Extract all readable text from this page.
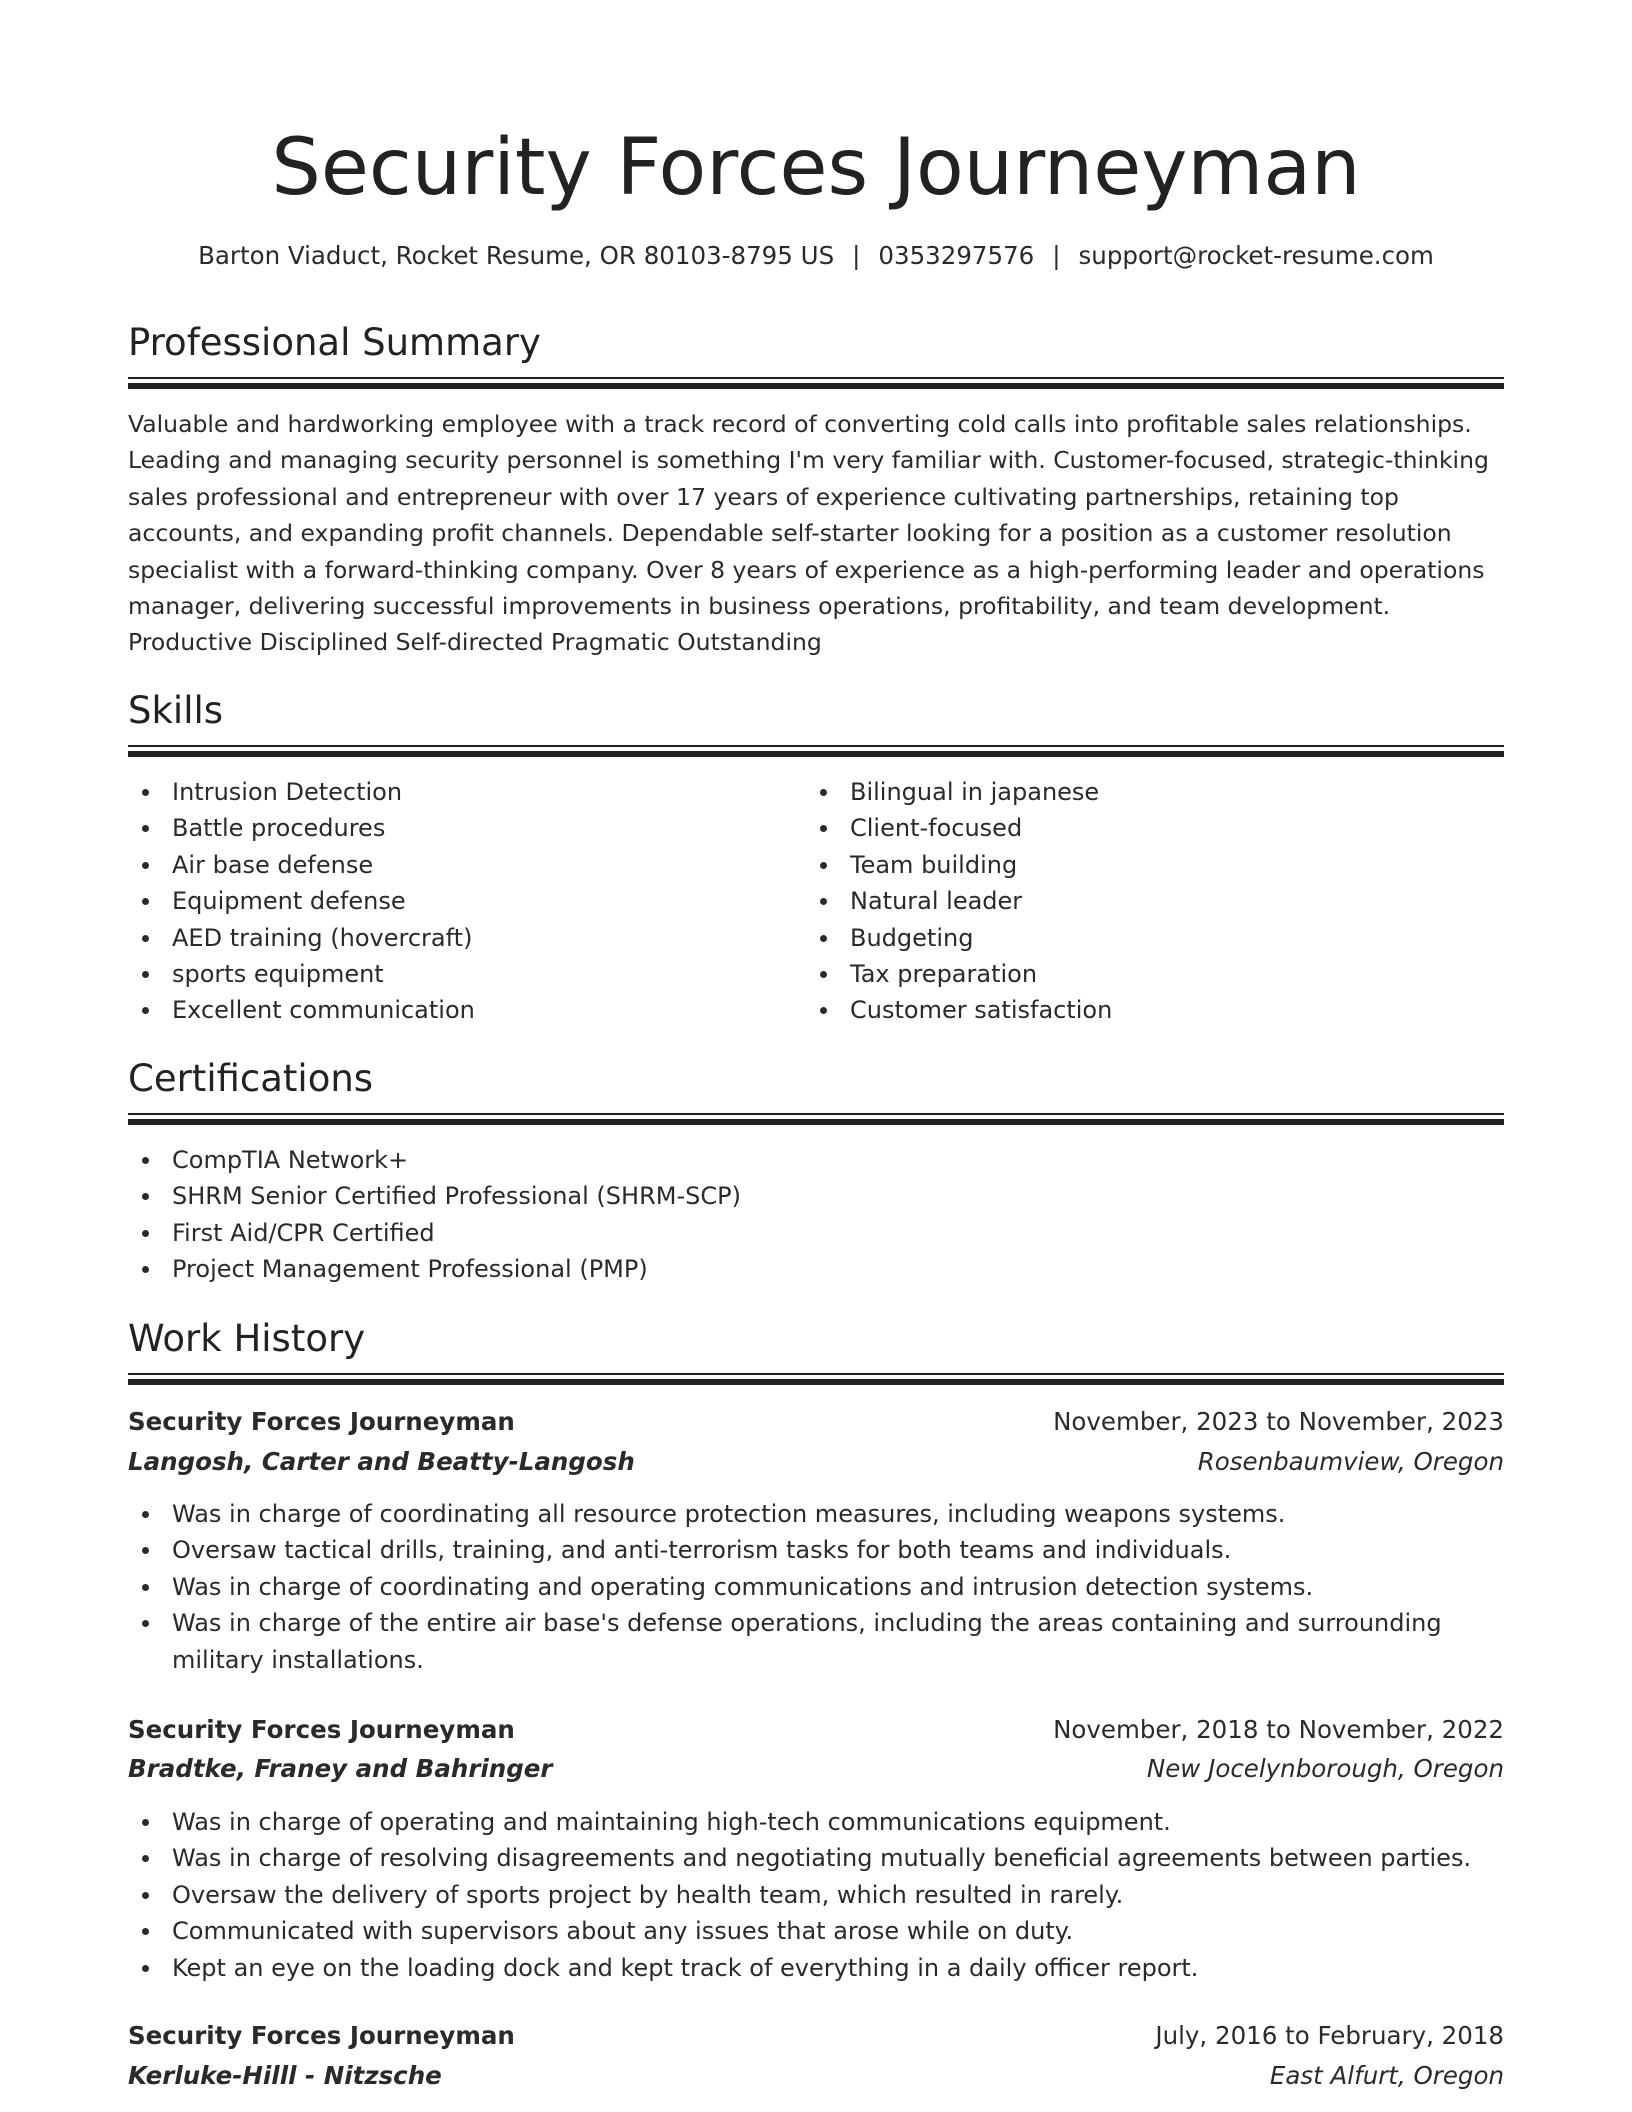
Security Forces Journeyman
Barton Viaduct, Rocket Resume, OR 80103-8795 US | 0353297576 | support@rocket-resume.com
Professional Summary

Valuable and hardworking employee with a track record of converting cold calls into profitable sales relationships. Leading and managing security personnel is something I'm very familiar with. Customer-focused, strategic-thinking sales professional and entrepreneur with over 17 years of experience cultivating partnerships, retaining top accounts, and expanding profit channels. Dependable self-starter looking for a position as a customer resolution specialist with a forward-thinking company. Over 8 years of experience as a high-performing leader and operations manager, delivering successful improvements in business operations, profitability, and team development. Productive Disciplined Self-directed Pragmatic Outstanding

Skills
Intrusion Detection
Battle procedures
Air base defense
Equipment defense
AED training (hovercraft)
sports equipment
Excellent communication
Bilingual in japanese
Client-focused
Team building
Natural leader
Budgeting
Tax preparation
Customer satisfaction
Certifications
CompTIA Network+
SHRM Senior Certified Professional (SHRM-SCP)
First Aid/CPR Certified
Project Management Professional (PMP)
Work History
Security Forces Journeyman	November, 2023 to November, 2023
Langosh, Carter and Beatty-Langosh	Rosenbaumview, Oregon
Was in charge of coordinating all resource protection measures, including weapons systems.
Oversaw tactical drills, training, and anti-terrorism tasks for both teams and individuals.
Was in charge of coordinating and operating communications and intrusion detection systems.
Was in charge of the entire air base's defense operations, including the areas containing and surrounding military installations.
Security Forces Journeyman	November, 2018 to November, 2022
Bradtke, Franey and Bahringer	New Jocelynborough, Oregon
Was in charge of operating and maintaining high-tech communications equipment.
Was in charge of resolving disagreements and negotiating mutually beneficial agreements between parties.
Oversaw the delivery of sports project by health team, which resulted in rarely.
Communicated with supervisors about any issues that arose while on duty.
Kept an eye on the loading dock and kept track of everything in a daily officer report.
Security Forces Journeyman	July, 2016 to February, 2018
Kerluke-Hilll - Nitzsche	East Alfurt, Oregon
